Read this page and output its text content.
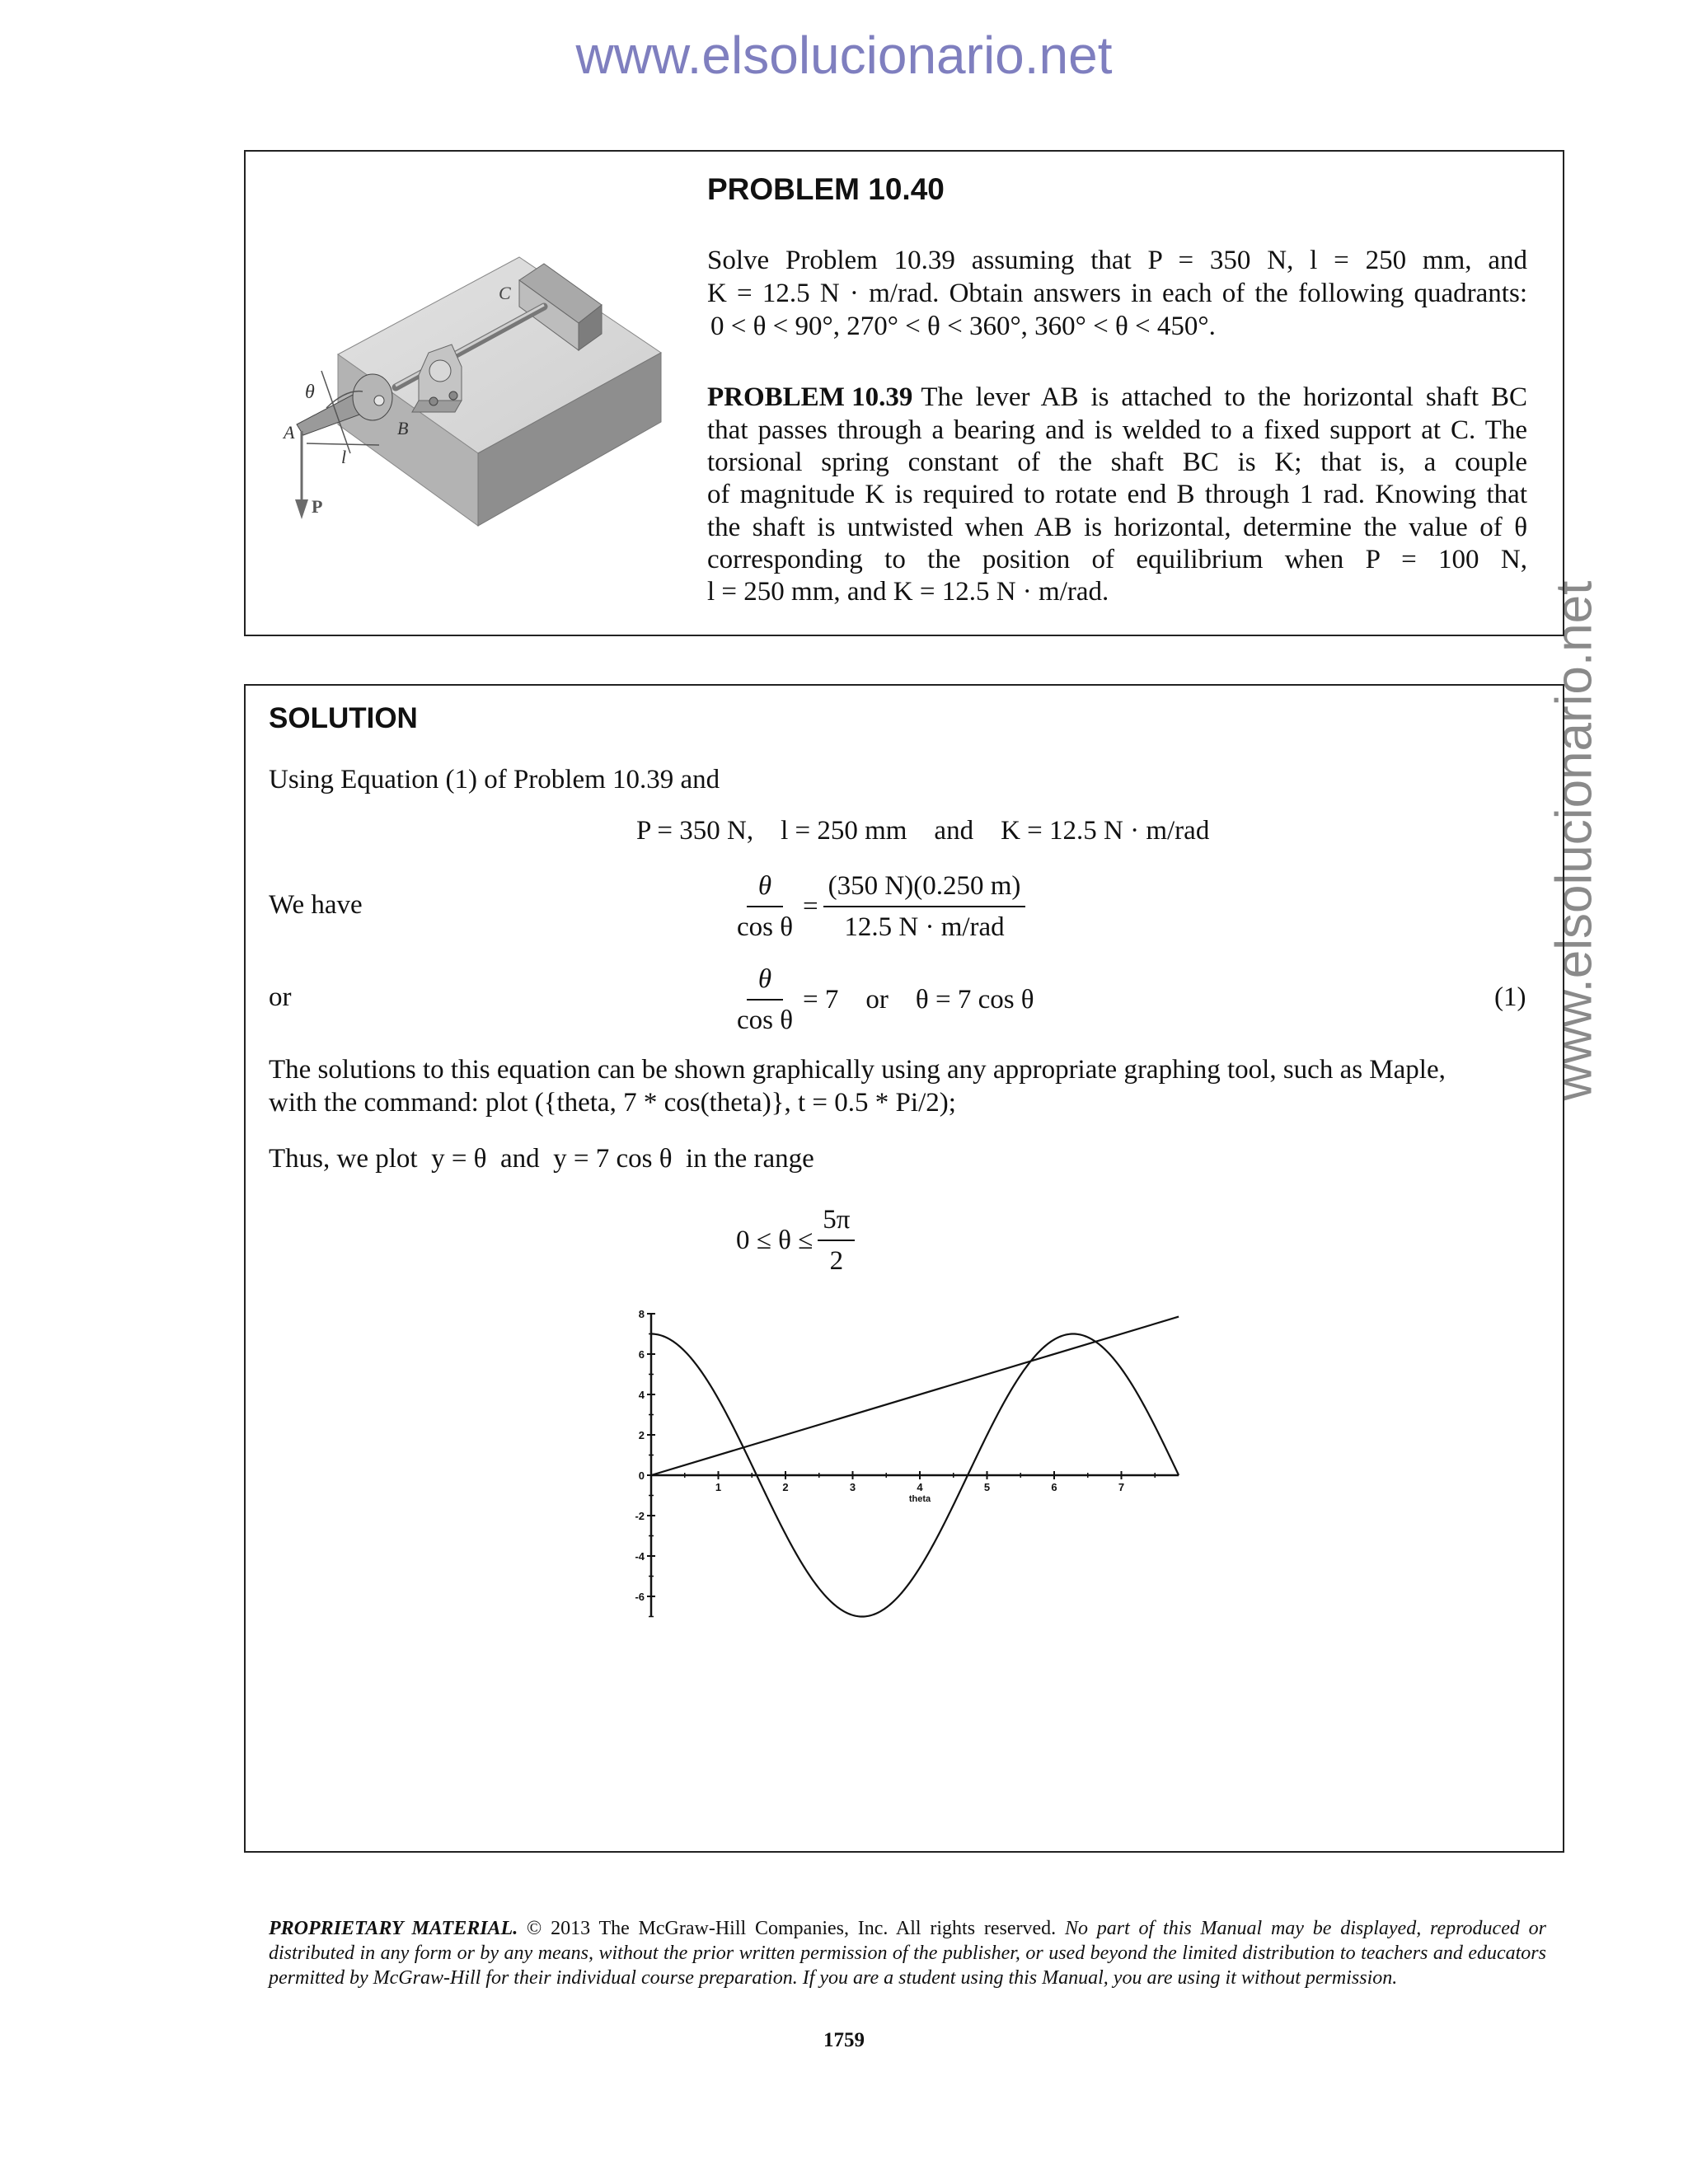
www.elsolucionario.net
www.elsolucionario.net
C
θ
A	B
l
P
PROBLEM 10.40
Solve Problem 10.39 assuming that P = 350 N, l = 250 mm, and
K = 12.5 N · m/rad. Obtain answers in each of the following quadrants:
0 < θ < 90°, 270° < θ < 360°, 360° < θ < 450°.
PROBLEM 10.39 The lever AB is attached to the horizontal shaft BC
that passes through a bearing and is welded to a fixed support at C. The
torsional spring constant of the shaft BC is K; that is, a couple
of magnitude K is required to rotate end B through 1 rad. Knowing that
the shaft is untwisted when AB is horizontal, determine the value of θ
corresponding to the position of equilibrium when P = 100 N,
l = 250 mm, and K = 12.5 N · m/rad.
SOLUTION
Using Equation (1) of Problem 10.39 and
P = 350 N,    l = 250 mm    and    K = 12.5 N · m/rad
We have	$\frac{\theta}{\text{cos θ}} = \frac{(350 N)(0.250 m)}{\text{12.5 N · m/rad}}$
or	$\frac{\theta}{\text{cos θ}} = 7$    or    θ = 7 cos θ	(1)
The solutions to this equation can be shown graphically using any appropriate graphing tool, such as Maple,
with the command: plot ({theta, 7 * cos(theta)}, t = 0.5 * Pi/2);
Thus, we plot  y = θ  and  y = 7 cos θ  in the range
$0 \le \theta \le \frac{5\pi}{2}$
1	2	3	4	5	6	7
theta
8
6
4
2
0
-2
-4
-6
PROPRIETARY MATERIAL. © 2013 The McGraw-Hill Companies, Inc. All rights reserved. No part of this Manual may be displayed, reproduced or distributed in any form or by any means, without the prior written permission of the publisher, or used beyond the limited distribution to teachers and educators permitted by McGraw-Hill for their individual course preparation. If you are a student using this Manual, you are using it without permission.
1759
